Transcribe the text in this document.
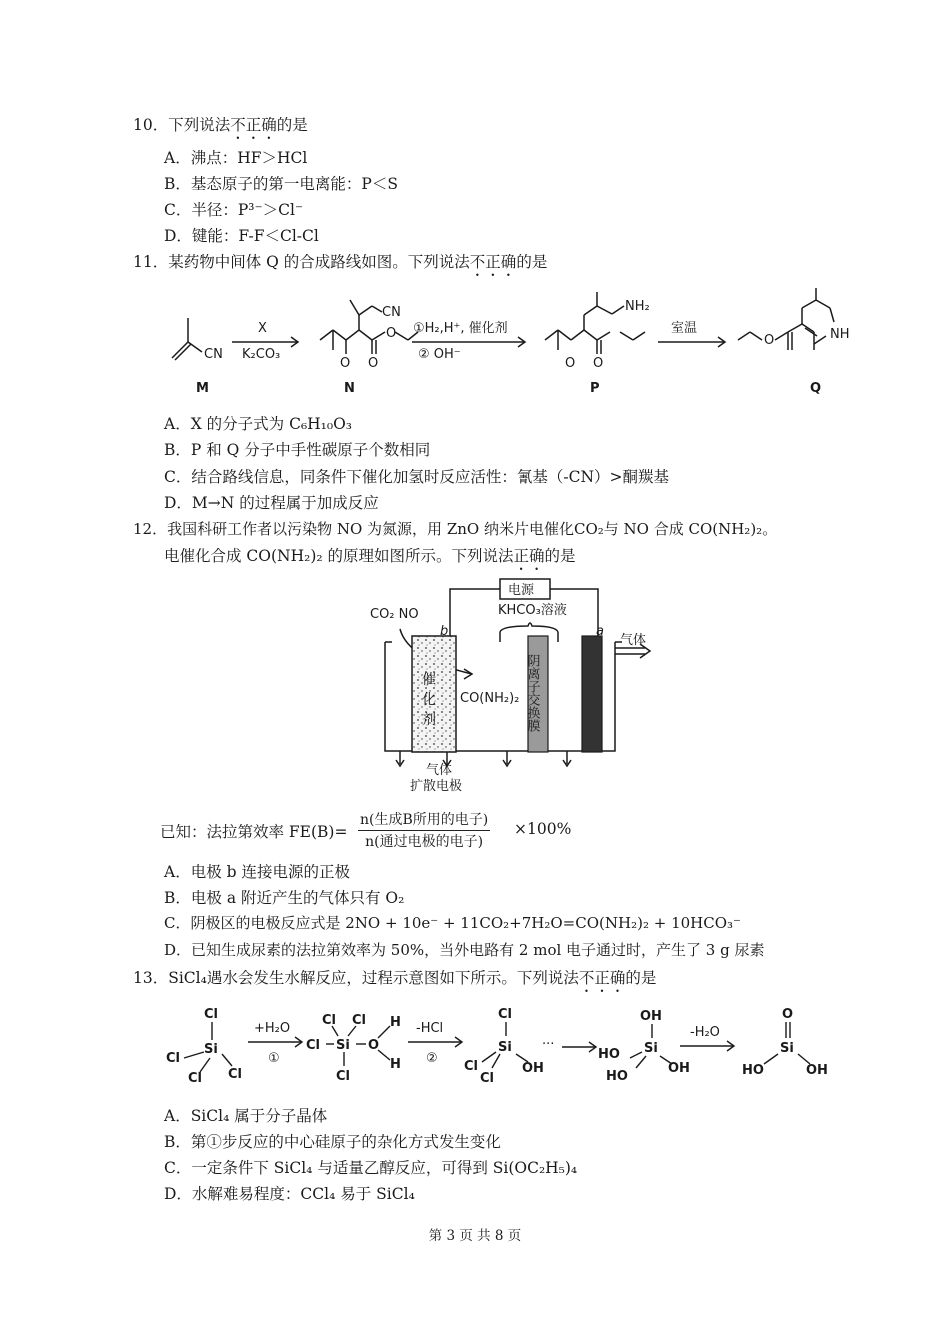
10．下列说法不正确的是
A．沸点：HF＞HCl
B．基态原子的第一电离能：P＜S
C．半径：P³⁻＞Cl⁻
D．键能：F-F＜Cl-Cl
11．某药物中间体 Q 的合成路线如图。下列说法不正确的是
CN
CN
O O
O
O
NH₂
O
O	NH
X
K₂CO₃
①H₂,H⁺, 催化剂
② OH⁻
室温
M	N	P	Q
A．X 的分子式为 C₆H₁₀O₃
B．P 和 Q 分子中手性碳原子个数相同
C．结合路线信息，同条件下催化加氢时反应活性：氰基（-CN）>酮羰基
D．M→N 的过程属于加成反应
12．我国科研工作者以污染物 NO 为氮源，用 ZnO 纳米片电催化CO₂与 NO 合成 CO(NH₂)₂。
电催化合成 CO(NH₂)₂ 的原理如图所示。下列说法正确的是
电源
KHCO₃溶液
CO₂ NO
b	a
气体
催
化
剂
CO(NH₂)₂
气体
扩散电极
阴离子交换膜
已知：法拉第效率 FE(B)=
n(生成B所用的电子)
n(通过电极的电子)
×100%
A．电极 b 连接电源的正极
B．电极 a 附近产生的气体只有 O₂
C．阴极区的电极反应式是 2NO + 10e⁻ + 11CO₂+7H₂O=CO(NH₂)₂ + 10HCO₃⁻
D．已知生成尿素的法拉第效率为 50%，当外电路有 2 mol 电子通过时，产生了 3 g 尿素
13．SiCl₄遇水会发生水解反应，过程示意图如下所示。下列说法不正确的是
Cl
Si
Cl
Cl Cl
+H₂O
①
Cl Cl
Cl Si
Cl
O
H
H
-HCl
②
Cl
Si
Cl
Cl
OH
···
OH
Si
HO
HO
OH
-H₂O
O
Si
HO	OH
A．SiCl₄ 属于分子晶体
B．第①步反应的中心硅原子的杂化方式发生变化
C．一定条件下 SiCl₄ 与适量乙醇反应，可得到 Si(OC₂H₅)₄
D．水解难易程度：CCl₄ 易于 SiCl₄
第 3 页 共 8 页
